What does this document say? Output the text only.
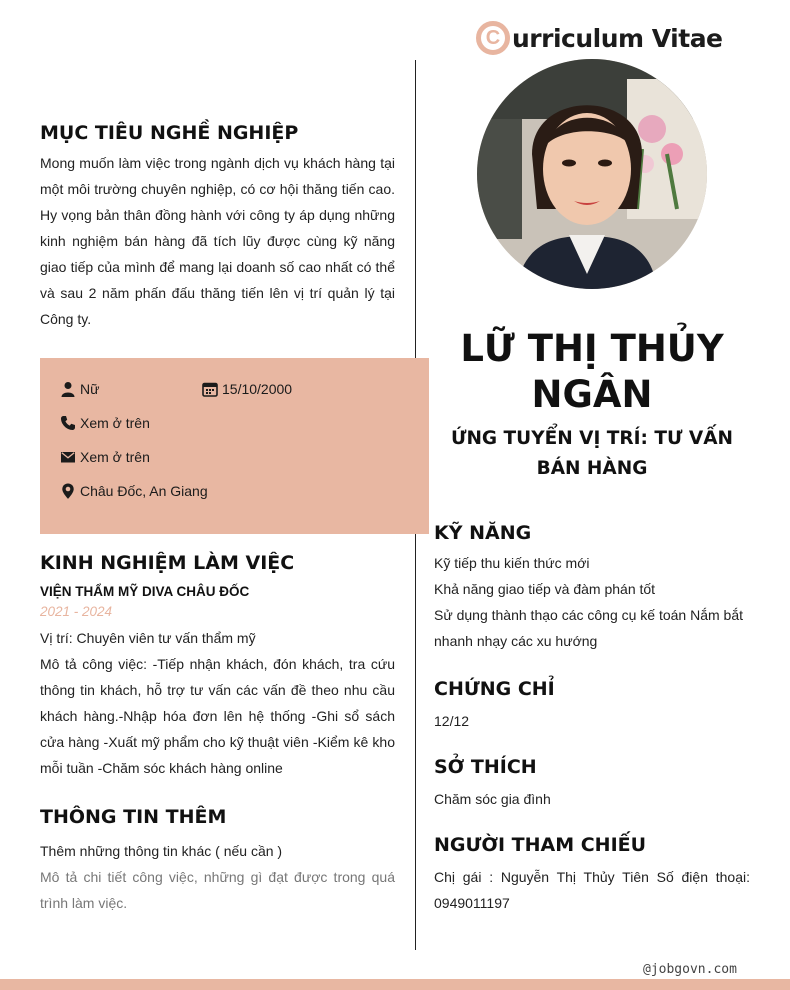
C urriculum Vitae
MỤC TIÊU NGHỀ NGHIỆP

Mong muốn làm việc trong ngành dịch vụ khách hàng tại một môi trường chuyên nghiệp, có cơ hội thăng tiến cao. Hy vọng bản thân đồng hành với công ty áp dụng những kinh nghiệm bán hàng đã tích lũy được cùng kỹ năng giao tiếp của mình để mang lại doanh số cao nhất có thể và sau 2 năm phấn đấu thăng tiến lên vị trí quản lý tại Công ty.

Nữ	15/10/2000
Xem ở trên
Xem ở trên
Châu Đốc, An Giang
KINH NGHIỆM LÀM VIỆC
VIỆN THẨM MỸ DIVA CHÂU ĐỐC
2021 - 2024
Vị trí: Chuyên viên tư vấn thẩm mỹ

Mô tả công việc: -Tiếp nhận khách, đón khách, tra cứu thông tin khách, hỗ trợ tư vấn các vấn đề theo nhu cầu khách hàng.-Nhập hóa đơn lên hệ thống -Ghi sổ sách cửa hàng -Xuất mỹ phẩm cho kỹ thuật viên -Kiểm kê kho mỗi tuần -Chăm sóc khách hàng online

THÔNG TIN THÊM
Thêm những thông tin khác ( nếu cần )
Mô tả chi tiết công việc, những gì đạt được trong quá trình làm việc.
LỮ THỊ THỦY NGÂN
ỨNG TUYỂN VỊ TRÍ: TƯ VẤN BÁN HÀNG
KỸ NĂNG
Kỹ tiếp thu kiến thức mới
Khả năng giao tiếp và đàm phán tốt
Sử dụng thành thạo các công cụ kế toán Nắm bắt nhanh nhạy các xu hướng
CHỨNG CHỈ
12/12
SỞ THÍCH
Chăm sóc gia đình
NGƯỜI THAM CHIẾU

Chị gái : Nguyễn Thị Thủy Tiên Số điện thoại: 0949011197

@jobgovn.com
